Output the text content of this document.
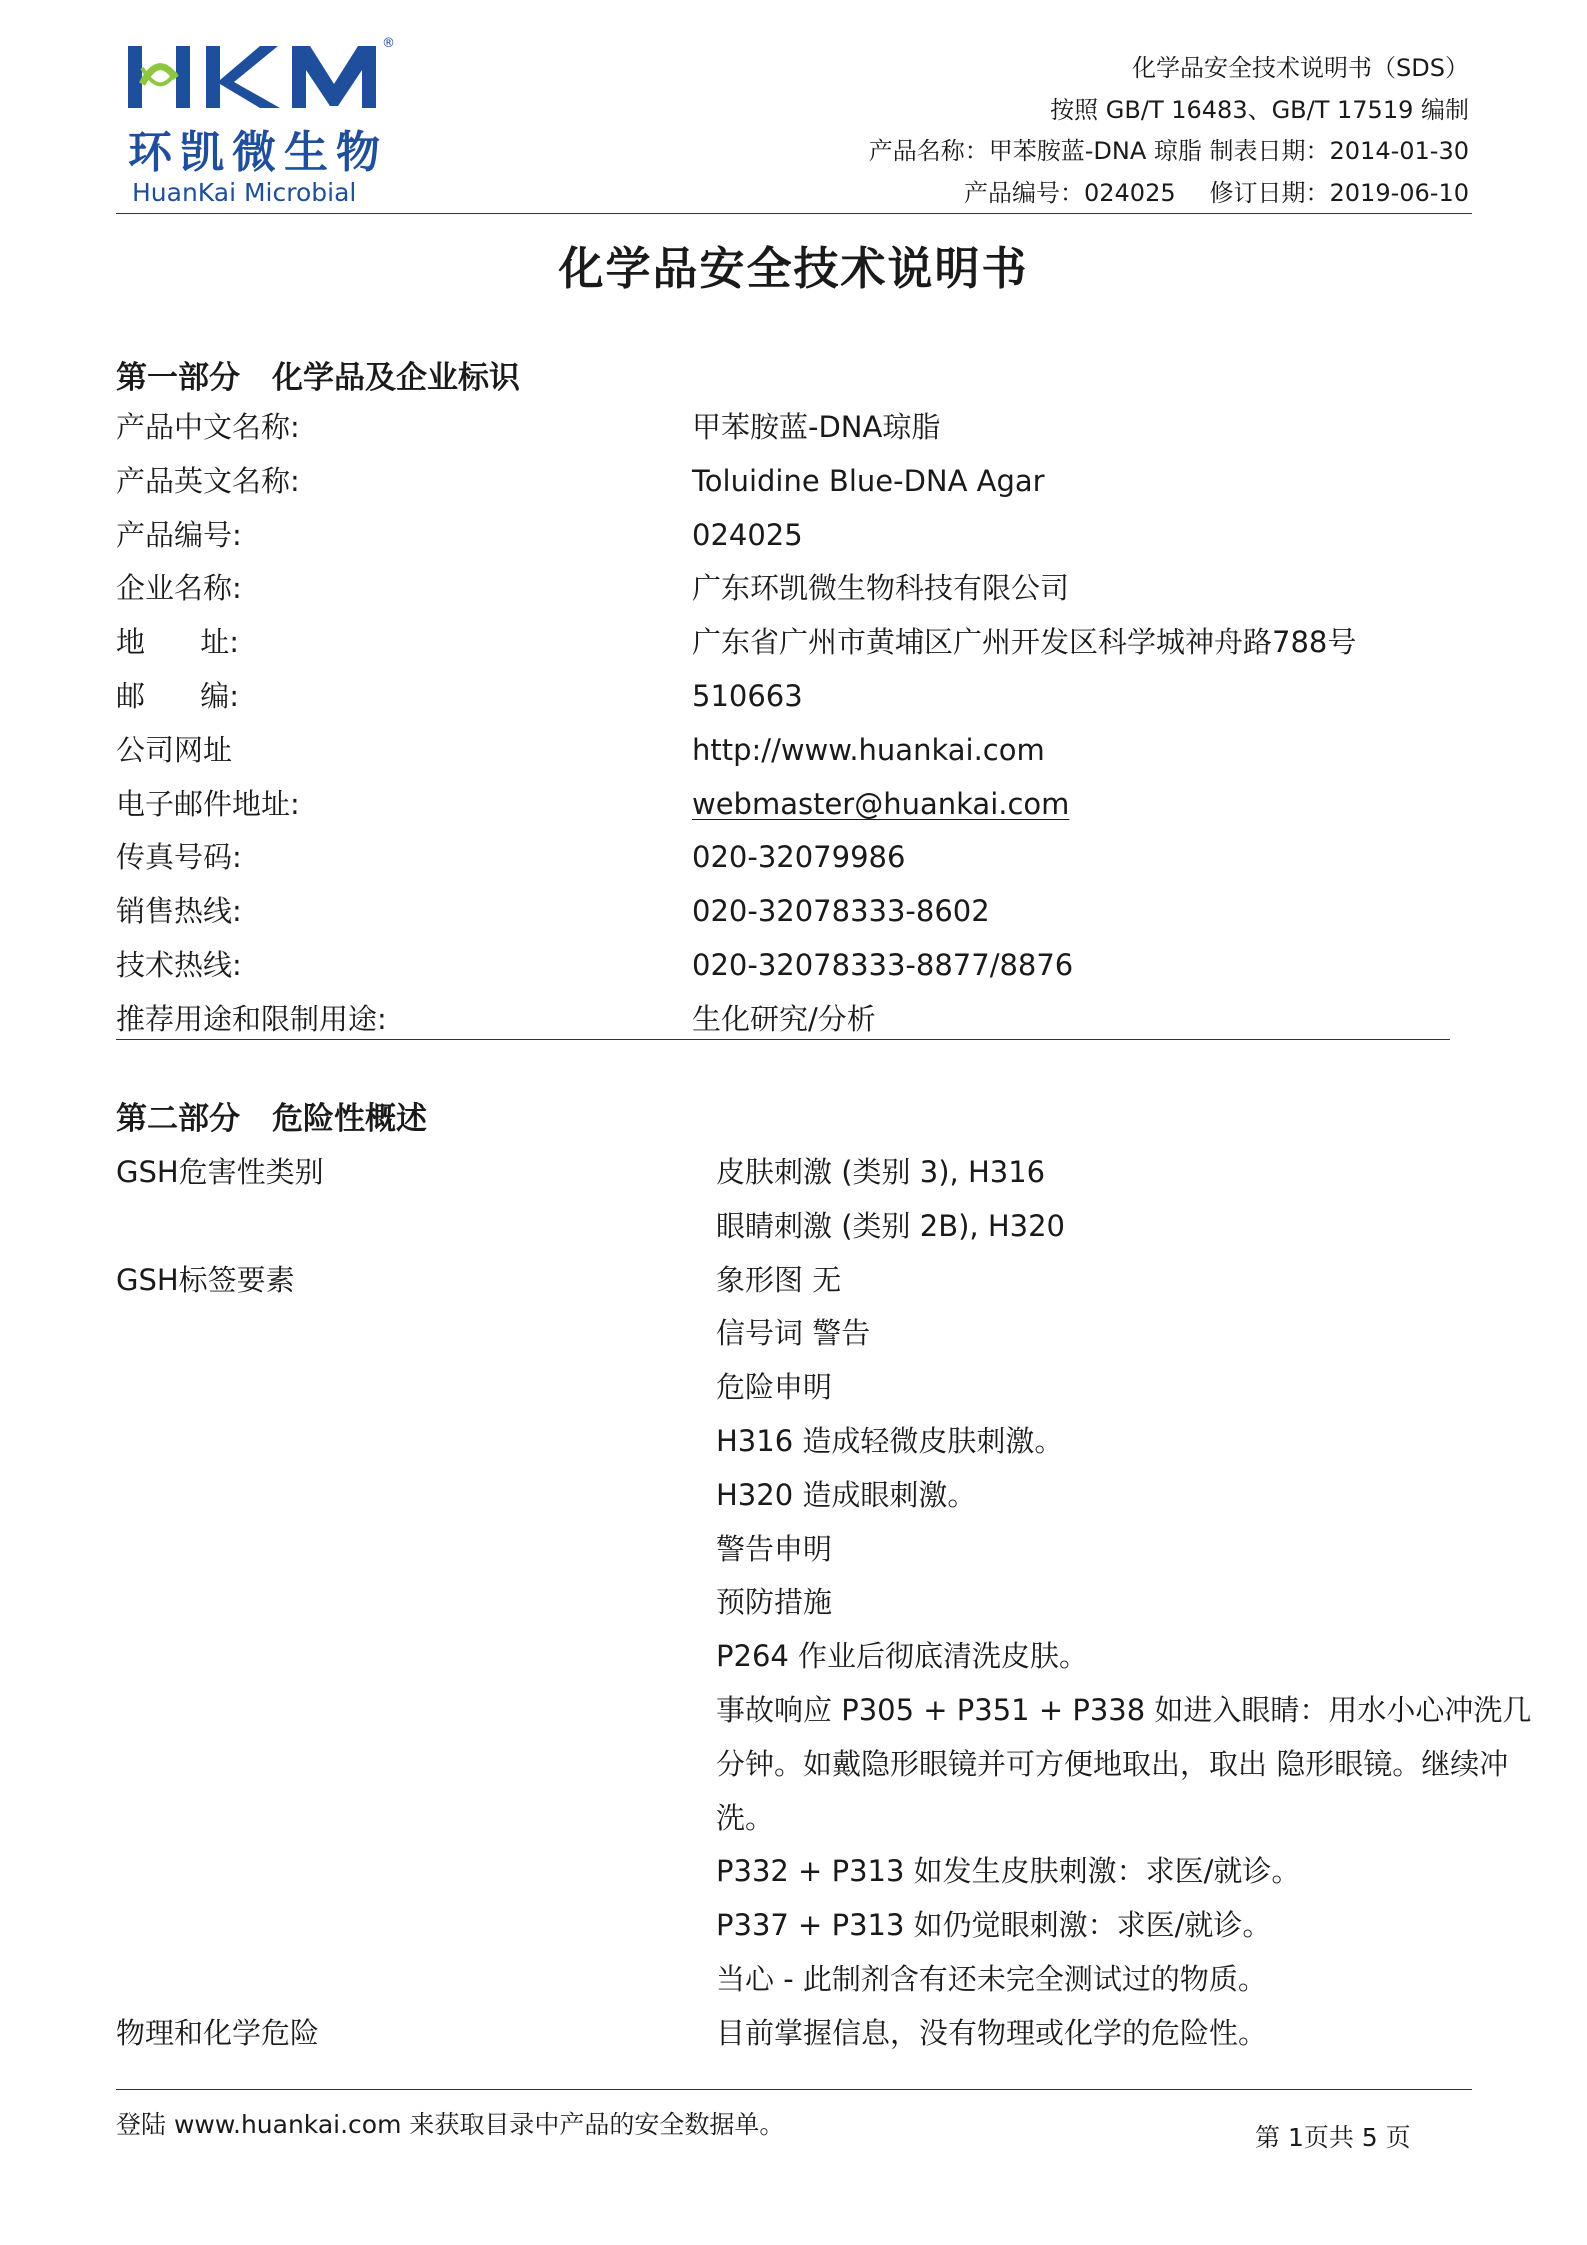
®
环凯微生物
HuanKai Microbial
化学品安全技术说明书（SDS）
按照 GB/T 16483、GB/T 17519 编制
产品名称：甲苯胺蓝-DNA 琼脂 制表日期：2014-01-30
产品编号：024025 修订日期：2019-06-10
化学品安全技术说明书
第一部分 化学品及企业标识
产品中文名称:	甲苯胺蓝-DNA琼脂
产品英文名称:	Toluidine Blue-DNA Agar
产品编号:	024025
企业名称:	广东环凯微生物科技有限公司
地      址:	广东省广州市黄埔区广州开发区科学城神舟路788号
邮      编:	510663
公司网址	http://www.huankai.com
电子邮件地址:	webmaster@huankai.com
传真号码:	020-32079986
销售热线:	020-32078333-8602
技术热线:	020-32078333-8877/8876
推荐用途和限制用途:	生化研究/分析
第二部分 危险性概述
GSH危害性类别	皮肤刺激 (类别 3), H316
眼睛刺激 (类别 2B), H320
GSH标签要素	象形图 无
信号词 警告
危险申明
H316 造成轻微皮肤刺激。
H320 造成眼刺激。
警告申明
预防措施
P264 作业后彻底清洗皮肤。
事故响应 P305 + P351 + P338 如进入眼睛：用水小心冲洗几
分钟。如戴隐形眼镜并可方便地取出，取出 隐形眼镜。继续冲
洗。
P332 + P313 如发生皮肤刺激：求医/就诊。
P337 + P313 如仍觉眼刺激：求医/就诊。
当心 - 此制剂含有还未完全测试过的物质。
物理和化学危险	目前掌握信息，没有物理或化学的危险性。
登陆 www.huankai.com 来获取目录中产品的安全数据单。	第 1页共 5 页
